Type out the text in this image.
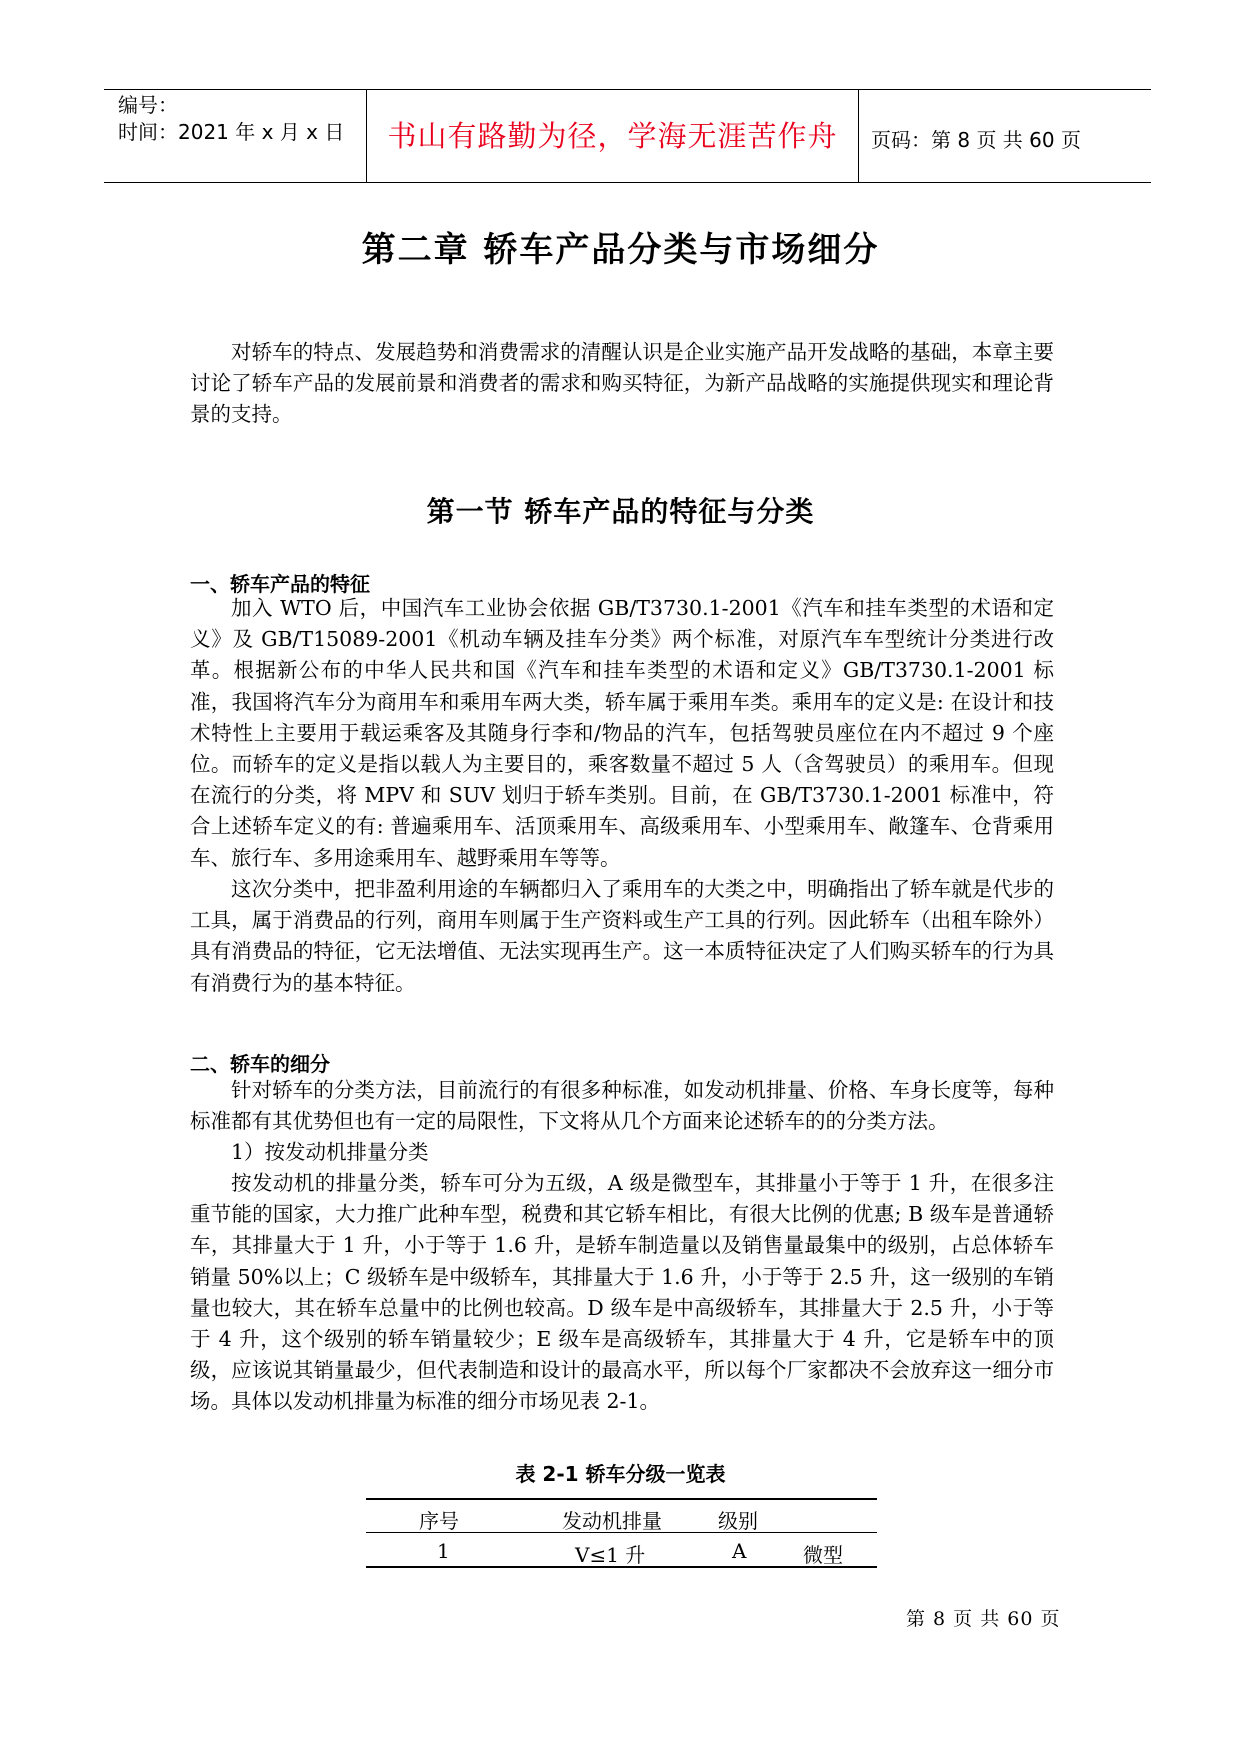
编号：
时间：2021 年 x 月 x 日	书山有路勤为径，学海无涯苦作舟	页码：第 8 页 共 60 页
第二章 轿车产品分类与市场细分

对轿车的特点、发展趋势和消费需求的清醒认识是企业实施产品开发战略的基础，本章主要讨论了轿车产品的发展前景和消费者的需求和购买特征，为新产品战略的实施提供现实和理论背景的支持。

第一节 轿车产品的特征与分类
一、轿车产品的特征

加入 WTO 后，中国汽车工业协会依据 GB/T3730.1-2001《汽车和挂车类型的术语和定义》及 GB/T15089-2001《机动车辆及挂车分类》两个标准，对原汽车车型统计分类进行改革。根据新公布的中华人民共和国《汽车和挂车类型的术语和定义》GB/T3730.1-2001 标准，我国将汽车分为商用车和乘用车两大类，轿车属于乘用车类。乘用车的定义是: 在设计和技术特性上主要用于载运乘客及其随身行李和/物品的汽车，包括驾驶员座位在内不超过 9 个座位。而轿车的定义是指以载人为主要目的，乘客数量不超过 5 人（含驾驶员）的乘用车。但现在流行的分类，将 MPV 和 SUV 划归于轿车类别。目前，在 GB/T3730.1-2001 标准中，符合上述轿车定义的有: 普遍乘用车、活顶乘用车、高级乘用车、小型乘用车、敞篷车、仓背乘用车、旅行车、多用途乘用车、越野乘用车等等。

这次分类中，把非盈利用途的车辆都归入了乘用车的大类之中，明确指出了轿车就是代步的工具，属于消费品的行列，商用车则属于生产资料或生产工具的行列。因此轿车（出租车除外）具有消费品的特征，它无法增值、无法实现再生产。这一本质特征决定了人们购买轿车的行为具有消费行为的基本特征。

二、轿车的细分

针对轿车的分类方法，目前流行的有很多种标准，如发动机排量、价格、车身长度等，每种标准都有其优势但也有一定的局限性，下文将从几个方面来论述轿车的的分类方法。

1）按发动机排量分类

按发动机的排量分类，轿车可分为五级，A 级是微型车，其排量小于等于 1 升，在很多注重节能的国家，大力推广此种车型，税费和其它轿车相比，有很大比例的优惠; B 级车是普通轿车，其排量大于 1 升，小于等于 1.6 升，是轿车制造量以及销售量最集中的级别，占总体轿车销量 50%以上；C 级轿车是中级轿车，其排量大于 1.6 升，小于等于 2.5 升，这一级别的车销量也较大，其在轿车总量中的比例也较高。D 级车是中高级轿车，其排量大于 2.5 升，小于等于 4 升，这个级别的轿车销量较少；E 级车是高级轿车，其排量大于 4 升，它是轿车中的顶级，应该说其销量最少，但代表制造和设计的最高水平，所以每个厂家都决不会放弃这一细分市场。具体以发动机排量为标准的细分市场见表 2-1。

表 2-1 轿车分级一览表
序号	发动机排量	级别
1	V≤1 升	A	微型
第 8 页 共 60 页
